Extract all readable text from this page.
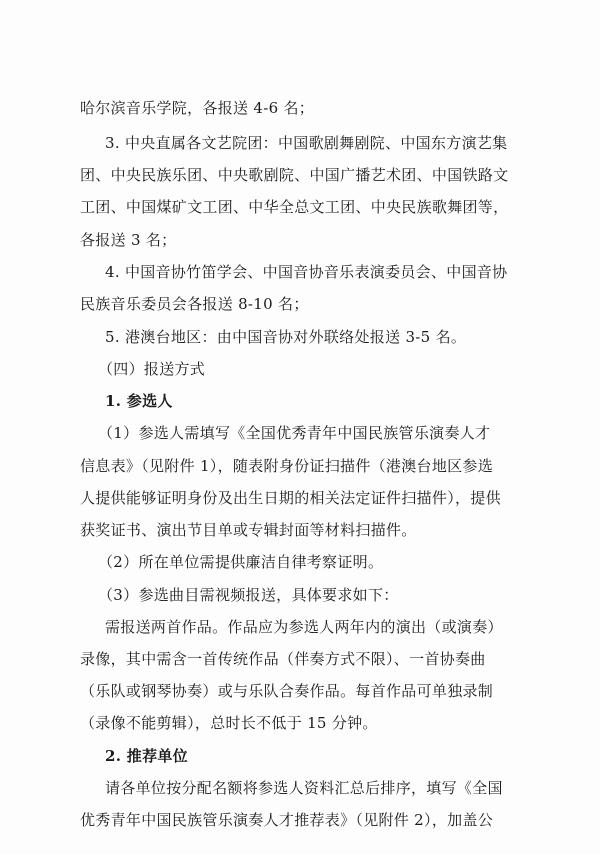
哈尔滨音乐学院，各报送 4-6 名；
3. 中央直属各文艺院团：中国歌剧舞剧院、中国东方演艺集
团、中央民族乐团、中央歌剧院、中国广播艺术团、中国铁路文
工团、中国煤矿文工团、中华全总文工团、中央民族歌舞团等，
各报送 3 名；
4. 中国音协竹笛学会、中国音协音乐表演委员会、中国音协
民族音乐委员会各报送 8-10 名；
5. 港澳台地区：由中国音协对外联络处报送 3-5 名。
（四）报送方式
1. 参选人
（1）参选人需填写《全国优秀青年中国民族管乐演奏人才
信息表》（见附件 1），随表附身份证扫描件（港澳台地区参选
人提供能够证明身份及出生日期的相关法定证件扫描件），提供
获奖证书、演出节目单或专辑封面等材料扫描件。
（2）所在单位需提供廉洁自律考察证明。
（3）参选曲目需视频报送，具体要求如下：
需报送两首作品。作品应为参选人两年内的演出（或演奏）
录像，其中需含一首传统作品（伴奏方式不限）、一首协奏曲
（乐队或钢琴协奏）或与乐队合奏作品。每首作品可单独录制
（录像不能剪辑），总时长不低于 15 分钟。
2. 推荐单位
请各单位按分配名额将参选人资料汇总后排序，填写《全国
优秀青年中国民族管乐演奏人才推荐表》（见附件 2），加盖公
